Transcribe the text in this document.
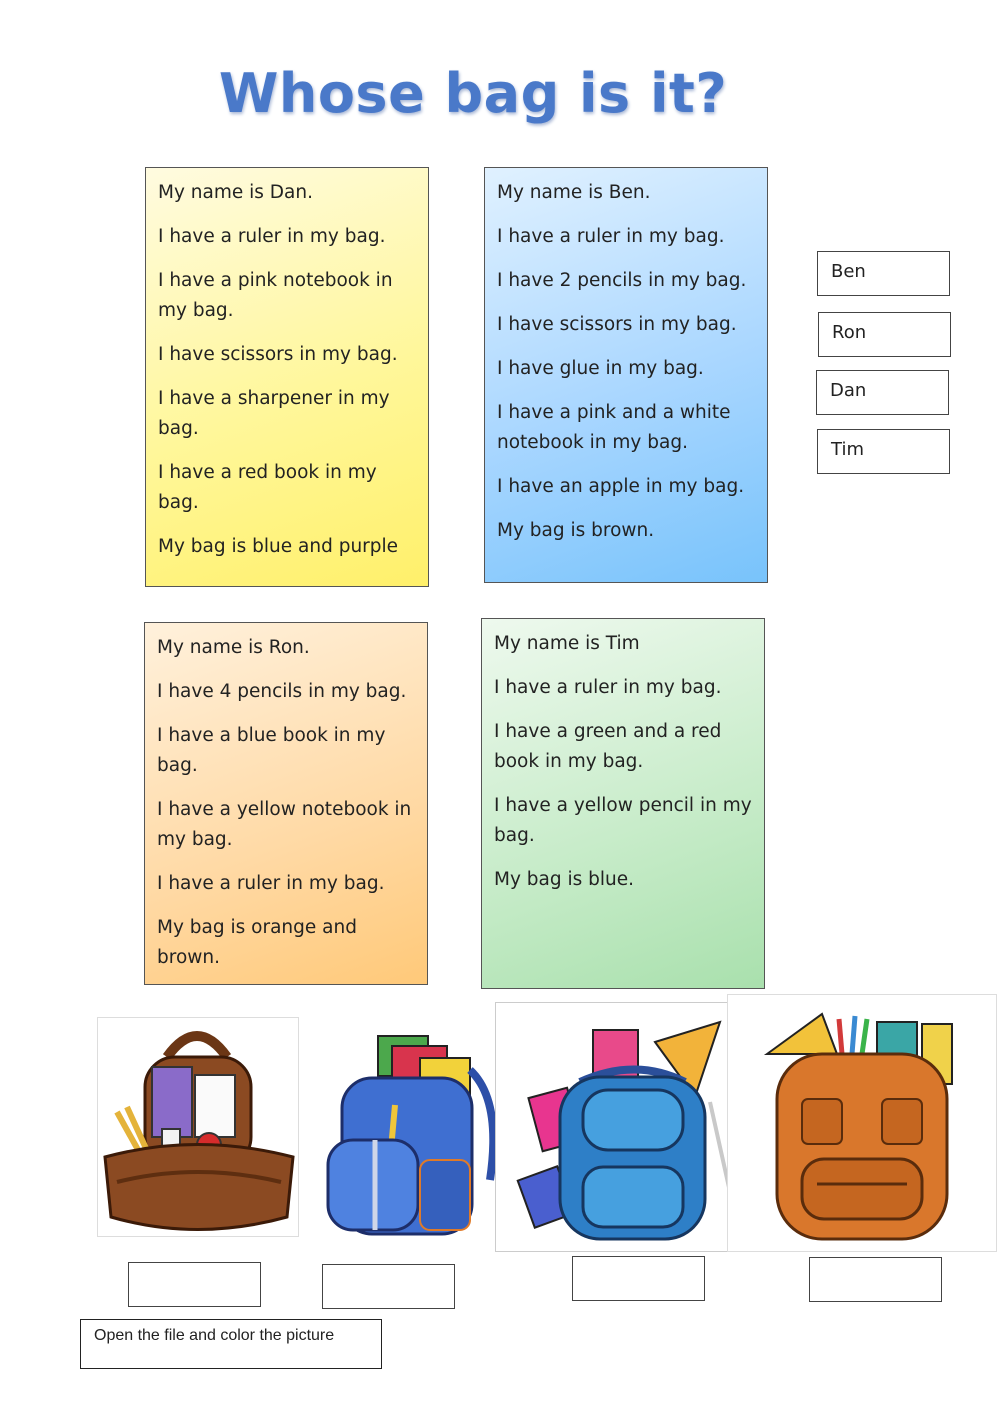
Whose bag is it?

My name is Dan.

I have a ruler in my bag.

I have a pink notebook in my bag.

I have scissors in my bag.

I have a sharpener in my bag.

I have a red book in my bag.

My bag is blue and purple

My name is Ben.

I have a ruler in my bag.

I have 2 pencils in my bag.

I have scissors in my bag.

I have glue in my bag.

I have a pink and a white notebook in my bag.

I have an apple in my bag.

My bag is brown.

My name is Ron.

I have 4 pencils in my bag.

I have a blue book in my bag.

I have a yellow notebook in my bag.

I have a ruler in my bag.

My bag is orange and brown.

My name is Tim

I have a ruler in my bag.

I have a green and a red book in my bag.

I have a yellow pencil in my bag.

My bag is blue.

Ben
Ron
Dan
Tim
Open the file and color the picture
